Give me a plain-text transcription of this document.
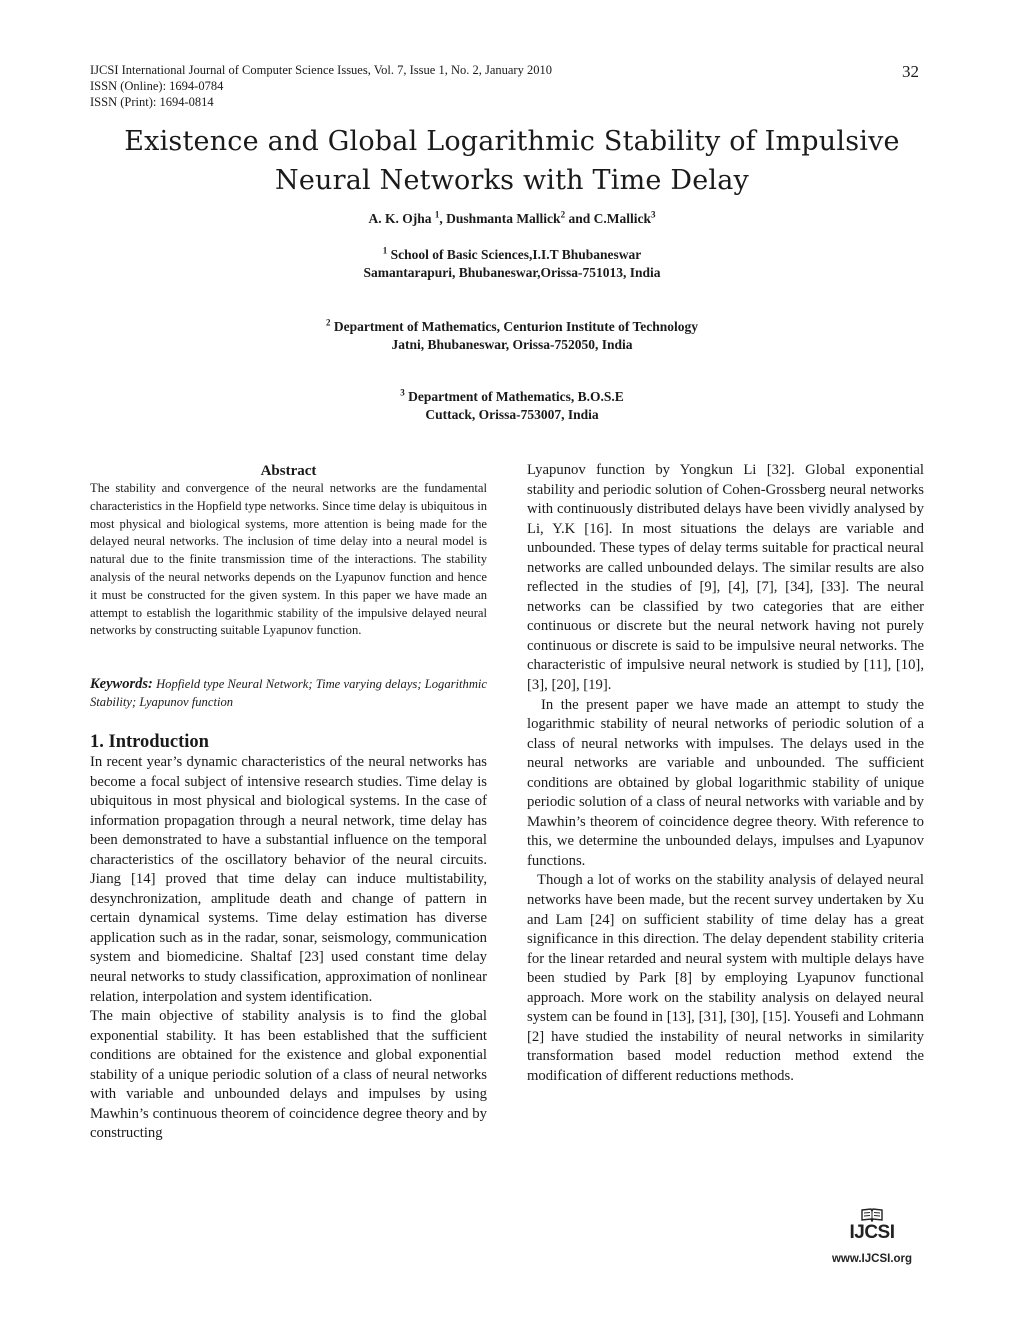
IJCSI International Journal of Computer Science Issues, Vol. 7, Issue 1, No. 2, January 2010
ISSN (Online): 1694-0784
ISSN (Print): 1694-0814
32
Existence and Global Logarithmic Stability of Impulsive
Neural Networks with Time Delay
A. K. Ojha $^1$, Dushmanta Mallick$^2$ and C.Mallick$^3$
$^1$ School of Basic Sciences,I.I.T Bhubaneswar
Samantarapuri, Bhubaneswar,Orissa-751013, India
$^2$ Department of Mathematics, Centurion Institute of Technology
Jatni, Bhubaneswar, Orissa-752050, India
$^3$ Department of Mathematics, B.O.S.E
Cuttack, Orissa-753007, India
Abstract
The stability and convergence of the neural networks are the fundamental characteristics in the Hopfield type networks. Since time delay is ubiquitous in most physical and biological systems, more attention is being made for the delayed neural networks. The inclusion of time delay into a neural model is natural due to the finite transmission time of the interactions. The stability analysis of the neural networks depends on the Lyapunov function and hence it must be constructed for the given system. In this paper we have made an attempt to establish the logarithmic stability of the impulsive delayed neural networks by constructing suitable Lyapunov function.
Keywords: Hopfield type Neural Network; Time varying delays; Logarithmic Stability; Lyapunov function
1. Introduction

In recent year’s dynamic characteristics of the neural networks has become a focal subject of intensive research studies. Time delay is ubiquitous in most physical and biological systems. In the case of information propagation through a neural network, time delay has been demonstrated to have a substantial influence on the temporal characteristics of the oscillatory behavior of the neural circuits. Jiang [14] proved that time delay can induce multistability, desynchronization, amplitude death and change of pattern in certain dynamical systems. Time delay estimation has diverse application such as in the radar, sonar, seismology, communication system and biomedicine. Shaltaf [23] used constant time delay neural networks to study classification, approximation of nonlinear relation, interpolation and system identification.

The main objective of stability analysis is to find the global exponential stability. It has been established that the sufficient conditions are obtained for the existence and global exponential stability of a unique periodic solution of a class of neural networks with variable and unbounded delays and impulses by using Mawhin’s continuous theorem of coincidence degree theory and by constructing

Lyapunov function by Yongkun Li [32]. Global exponential stability and periodic solution of Cohen-Grossberg neural networks with continuously distributed delays have been vividly analysed by Li, Y.K [16]. In most situations the delays are variable and unbounded. These types of delay terms suitable for practical neural networks are called unbounded delays. The similar results are also reflected in the studies of [9], [4], [7], [34], [33]. The neural networks can be classified by two categories that are either continuous or discrete but the neural network having not purely continuous or discrete is said to be impulsive neural networks. The characteristic of impulsive neural network is studied by [11], [10], [3], [20], [19].

In the present paper we have made an attempt to study the logarithmic stability of neural networks of periodic solution of a class of neural networks with impulses. The delays used in the neural networks are variable and unbounded. The sufficient conditions are obtained by global logarithmic stability of unique periodic solution of a class of neural networks with variable and by Mawhin’s theorem of coincidence degree theory. With reference to this, we determine the unbounded delays, impulses and Lyapunov functions.

Though a lot of works on the stability analysis of delayed neural networks have been made, but the recent survey undertaken by Xu and Lam [24] on sufficient stability of time delay has a great significance in this direction. The delay dependent stability criteria for the linear retarded and neural system with multiple delays have been studied by Park [8] by employing Lyapunov functional approach. More work on the stability analysis on delayed neural system can be found in [13], [31], [30], [15]. Yousefi and Lohmann [2] have studied the instability of neural networks in similarity transformation based model reduction method extend the modification of different reductions methods.

IJCSI
www.IJCSI.org
